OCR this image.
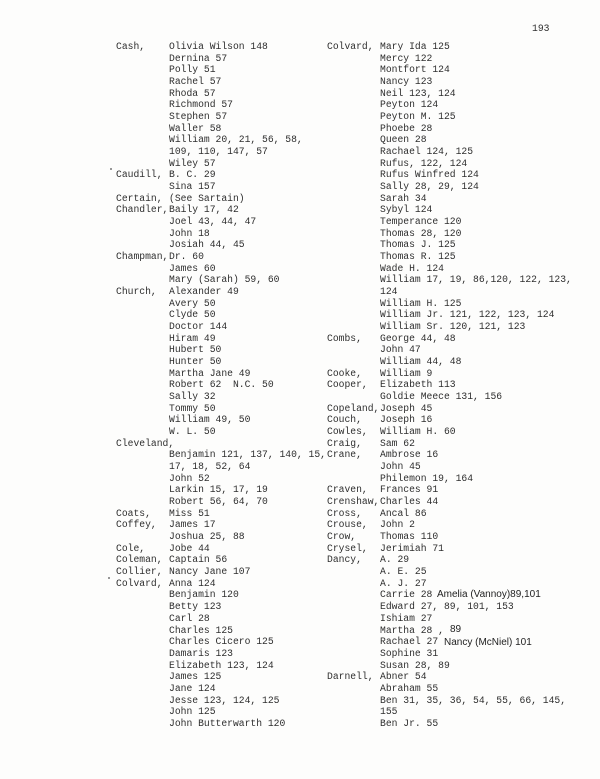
193
Cash, Olivia Wilson 148
Dernina 57
Polly 51
Rachel 57
Rhoda 57
Richmond 57
Stephen 57
Waller 58
William 20, 21, 56, 58,
109, 110, 147, 57
Wiley 57
Caudill, B. C. 29
Sina 157
Certain, (See Sartain)
Chandler, Baily 17, 42
Joel 43, 44, 47
John 18
Josiah 44, 45
Champman, Dr. 60
James 60
Mary (Sarah) 59, 60
Church, Alexander 49
Avery 50
Clyde 50
Doctor 144
Hiram 49
Hubert 50
Hunter 50
Martha Jane 49
Robert 62  N.C. 50
Sally 32
Tommy 50
William 49, 50
W. L. 50
Cleveland,
Benjamin 121, 137, 140, 15,
17, 18, 52, 64
John 52
Larkin 15, 17, 19
Robert 56, 64, 70
Coats, Miss 51
Coffey, James 17
Joshua 25, 88
Cole, Jobe 44
Coleman, Captain 56
Collier, Nancy Jane 107
Colvard, Anna 124
Benjamin 120
Betty 123
Carl 28
Charles 125
Charles Cicero 125
Damaris 123
Elizabeth 123, 124
James 125
Jane 124
Jesse 123, 124, 125
John 125
John Butterwarth 120
Colvard, Mary Ida 125
Mercy 122
Montfort 124
Nancy 123
Neil 123, 124
Peyton 124
Peyton M. 125
Phoebe 28
Queen 28
Rachael 124, 125
Rufus, 122, 124
Rufus Winfred 124
Sally 28, 29, 124
Sarah 34
Sybyl 124
Temperance 120
Thomas 28, 120
Thomas J. 125
Thomas R. 125
Wade H. 124
William 17, 19, 86,120, 122, 123,
124
William H. 125
William Jr. 121, 122, 123, 124
William Sr. 120, 121, 123
Combs, George 44, 48
John 47
William 44, 48
Cooke, William 9
Cooper, Elizabeth 113
Goldie Meece 131, 156
Copeland, Joseph 45
Couch, Joseph 16
Cowles, William H. 60
Craig, Sam 62
Crane, Ambrose 16
John 45
Philemon 19, 164
Craven, Frances 91
Crenshaw, Charles 44
Cross, Ancal 86
Crouse, John 2
Crow, Thomas 110
Crysel, Jerimiah 71
Dancy, A. 29
A. E. 25
A. J. 27
Carrie 28
Edward 27, 89, 101, 153
Ishiam 27
Martha 28 ,
Rachael 27
Sophine 31
Susan 28, 89
Darnell, Abner 54
Abraham 55
Ben 31, 35, 36, 54, 55, 66, 145,
155
Ben Jr. 55
Amelia (Vannoy)89,101
89
Nancy (McNiel) 101
